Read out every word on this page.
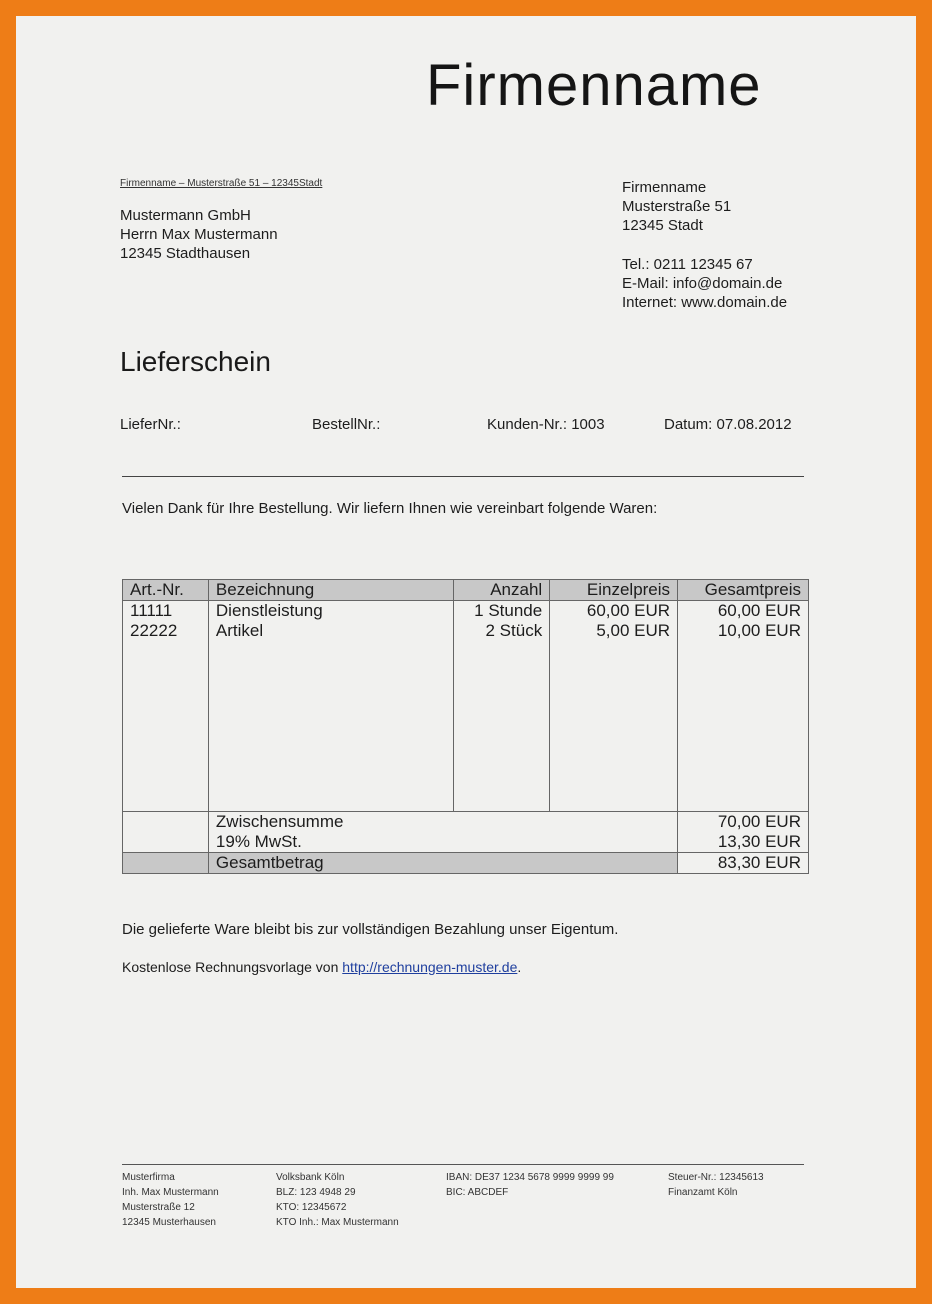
Firmenname
Firmenname – Musterstraße 51 – 12345Stadt
Mustermann GmbH
Herrn Max Mustermann
12345 Stadthausen
Firmenname
Musterstraße 51
12345 Stadt
Tel.: 0211 12345 67
E-Mail: info@domain.de
Internet: www.domain.de
Lieferschein
LieferNr.:	BestellNr.:	Kunden-Nr.: 1003	Datum: 07.08.2012
Vielen Dank für Ihre Bestellung. Wir liefern Ihnen wie vereinbart folgende Waren:
Art.-Nr.	Bezeichnung	Anzahl	Einzelpreis	Gesamtpreis
11111	Dienstleistung	1 Stunde	60,00 EUR	60,00 EUR
22222	Artikel	2 Stück	5,00 EUR	10,00 EUR

	Zwischensumme			70,00 EUR
	19% MwSt.			13,30 EUR
	Gesamtbetrag			83,30 EUR
Die gelieferte Ware bleibt bis zur vollständigen Bezahlung unser Eigentum.
Kostenlose Rechnungsvorlage von http://rechnungen-muster.de.
Musterfirma
Inh. Max Mustermann
Musterstraße 12
12345 Musterhausen
Volksbank Köln
BLZ: 123 4948 29
KTO: 12345672
KTO Inh.: Max Mustermann
IBAN: DE37 1234 5678 9999 9999 99
BIC: ABCDEF
Steuer-Nr.: 12345613
Finanzamt Köln
